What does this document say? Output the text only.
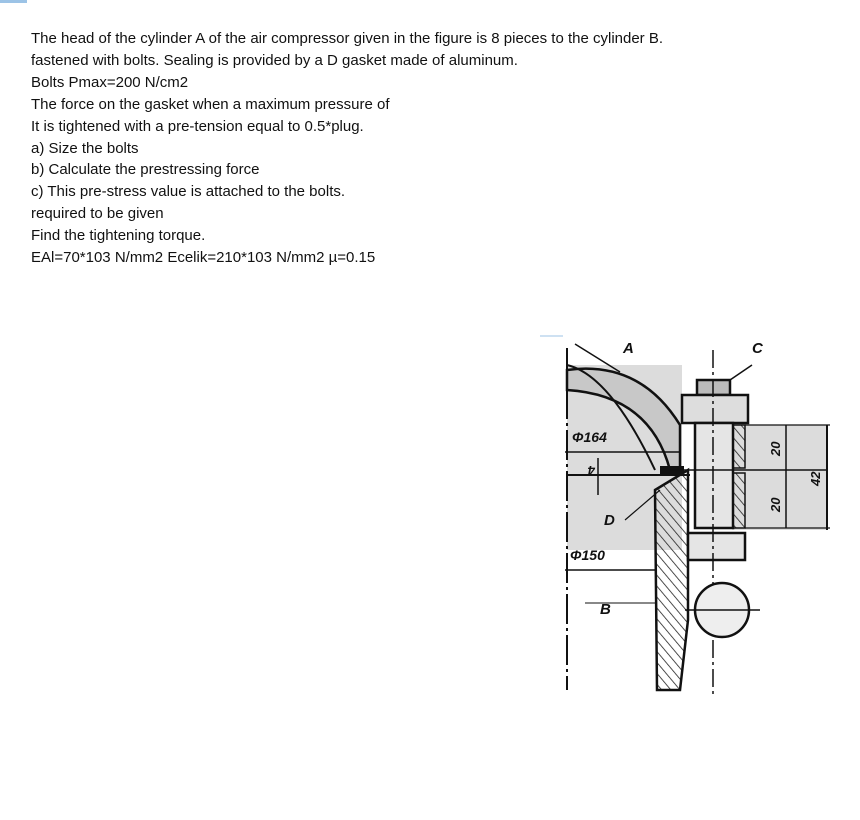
The head of the cylinder A of the air compressor given in the figure is 8 pieces to the cylinder B.
fastened with bolts. Sealing is provided by a D gasket made of aluminum.
Bolts Pmax=200 N/cm2
The force on the gasket when a maximum pressure of
It is tightened with a pre-tension equal to 0.5*plug.
a) Size the bolts
b) Calculate the prestressing force
c) This pre-stress value is attached to the bolts.
required to be given
Find the tightening torque.
EAl=70*103 N/mm2 Ecelik=210*103 N/mm2 µ=0.15
A	C
Φ164
4
D
Φ150
B
20
20
42
